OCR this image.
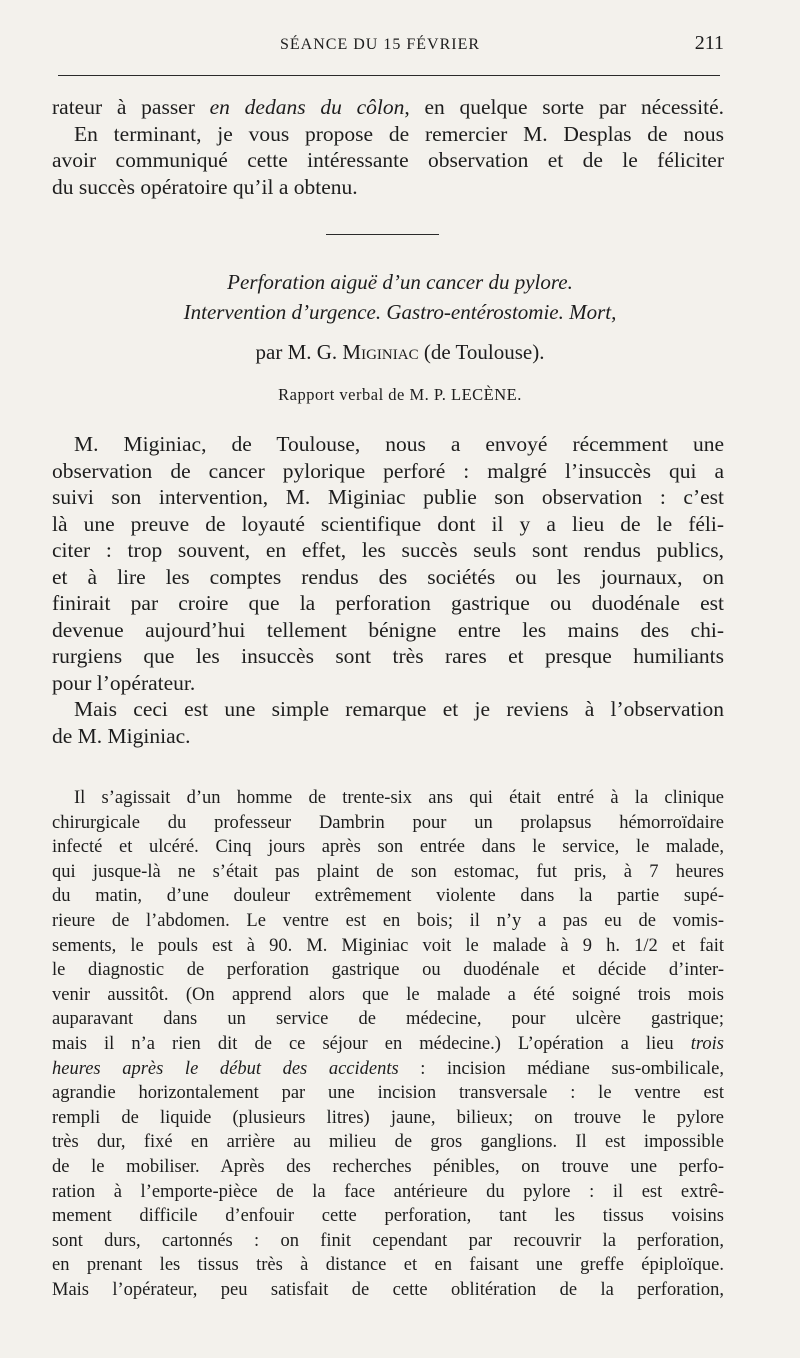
SÉANCE DU 15 FÉVRIER	211
rateur à passer en dedans du côlon, en quelque sorte par nécessité.
En terminant, je vous propose de remercier M. Desplas de nous
avoir communiqué cette intéressante observation et de le féliciter
du succès opératoire qu’il a obtenu.
Perforation aiguë d’un cancer du pylore.
Intervention d’urgence. Gastro-entérostomie. Mort,
par M. G. Miginiac (de Toulouse).
Rapport verbal de M. P. LECÈNE.
M. Miginiac, de Toulouse, nous a envoyé récemment une
observation de cancer pylorique perforé : malgré l’insuccès qui a
suivi son intervention, M. Miginiac publie son observation : c’est
là une preuve de loyauté scientifique dont il y a lieu de le féli-
citer : trop souvent, en effet, les succès seuls sont rendus publics,
et à lire les comptes rendus des sociétés ou les journaux, on
finirait par croire que la perforation gastrique ou duodénale est
devenue aujourd’hui tellement bénigne entre les mains des chi-
rurgiens que les insuccès sont très rares et presque humiliants
pour l’opérateur.
Mais ceci est une simple remarque et je reviens à l’observation
de M. Miginiac.
Il s’agissait d’un homme de trente-six ans qui était entré à la clinique
chirurgicale du professeur Dambrin pour un prolapsus hémorroïdaire
infecté et ulcéré. Cinq jours après son entrée dans le service, le malade,
qui jusque-là ne s’était pas plaint de son estomac, fut pris, à 7 heures
du matin, d’une douleur extrêmement violente dans la partie supé-
rieure de l’abdomen. Le ventre est en bois; il n’y a pas eu de vomis-
sements, le pouls est à 90. M. Miginiac voit le malade à 9 h. 1/2 et fait
le diagnostic de perforation gastrique ou duodénale et décide d’inter-
venir aussitôt. (On apprend alors que le malade a été soigné trois mois
auparavant dans un service de médecine, pour ulcère gastrique;
mais il n’a rien dit de ce séjour en médecine.) L’opération a lieu trois
heures après le début des accidents : incision médiane sus-ombilicale,
agrandie horizontalement par une incision transversale : le ventre est
rempli de liquide (plusieurs litres) jaune, bilieux; on trouve le pylore
très dur, fixé en arrière au milieu de gros ganglions. Il est impossible
de le mobiliser. Après des recherches pénibles, on trouve une perfo-
ration à l’emporte-pièce de la face antérieure du pylore : il est extrê-
mement difficile d’enfouir cette perforation, tant les tissus voisins
sont durs, cartonnés : on finit cependant par recouvrir la perforation,
en prenant les tissus très à distance et en faisant une greffe épiploïque.
Mais l’opérateur, peu satisfait de cette oblitération de la perforation,
